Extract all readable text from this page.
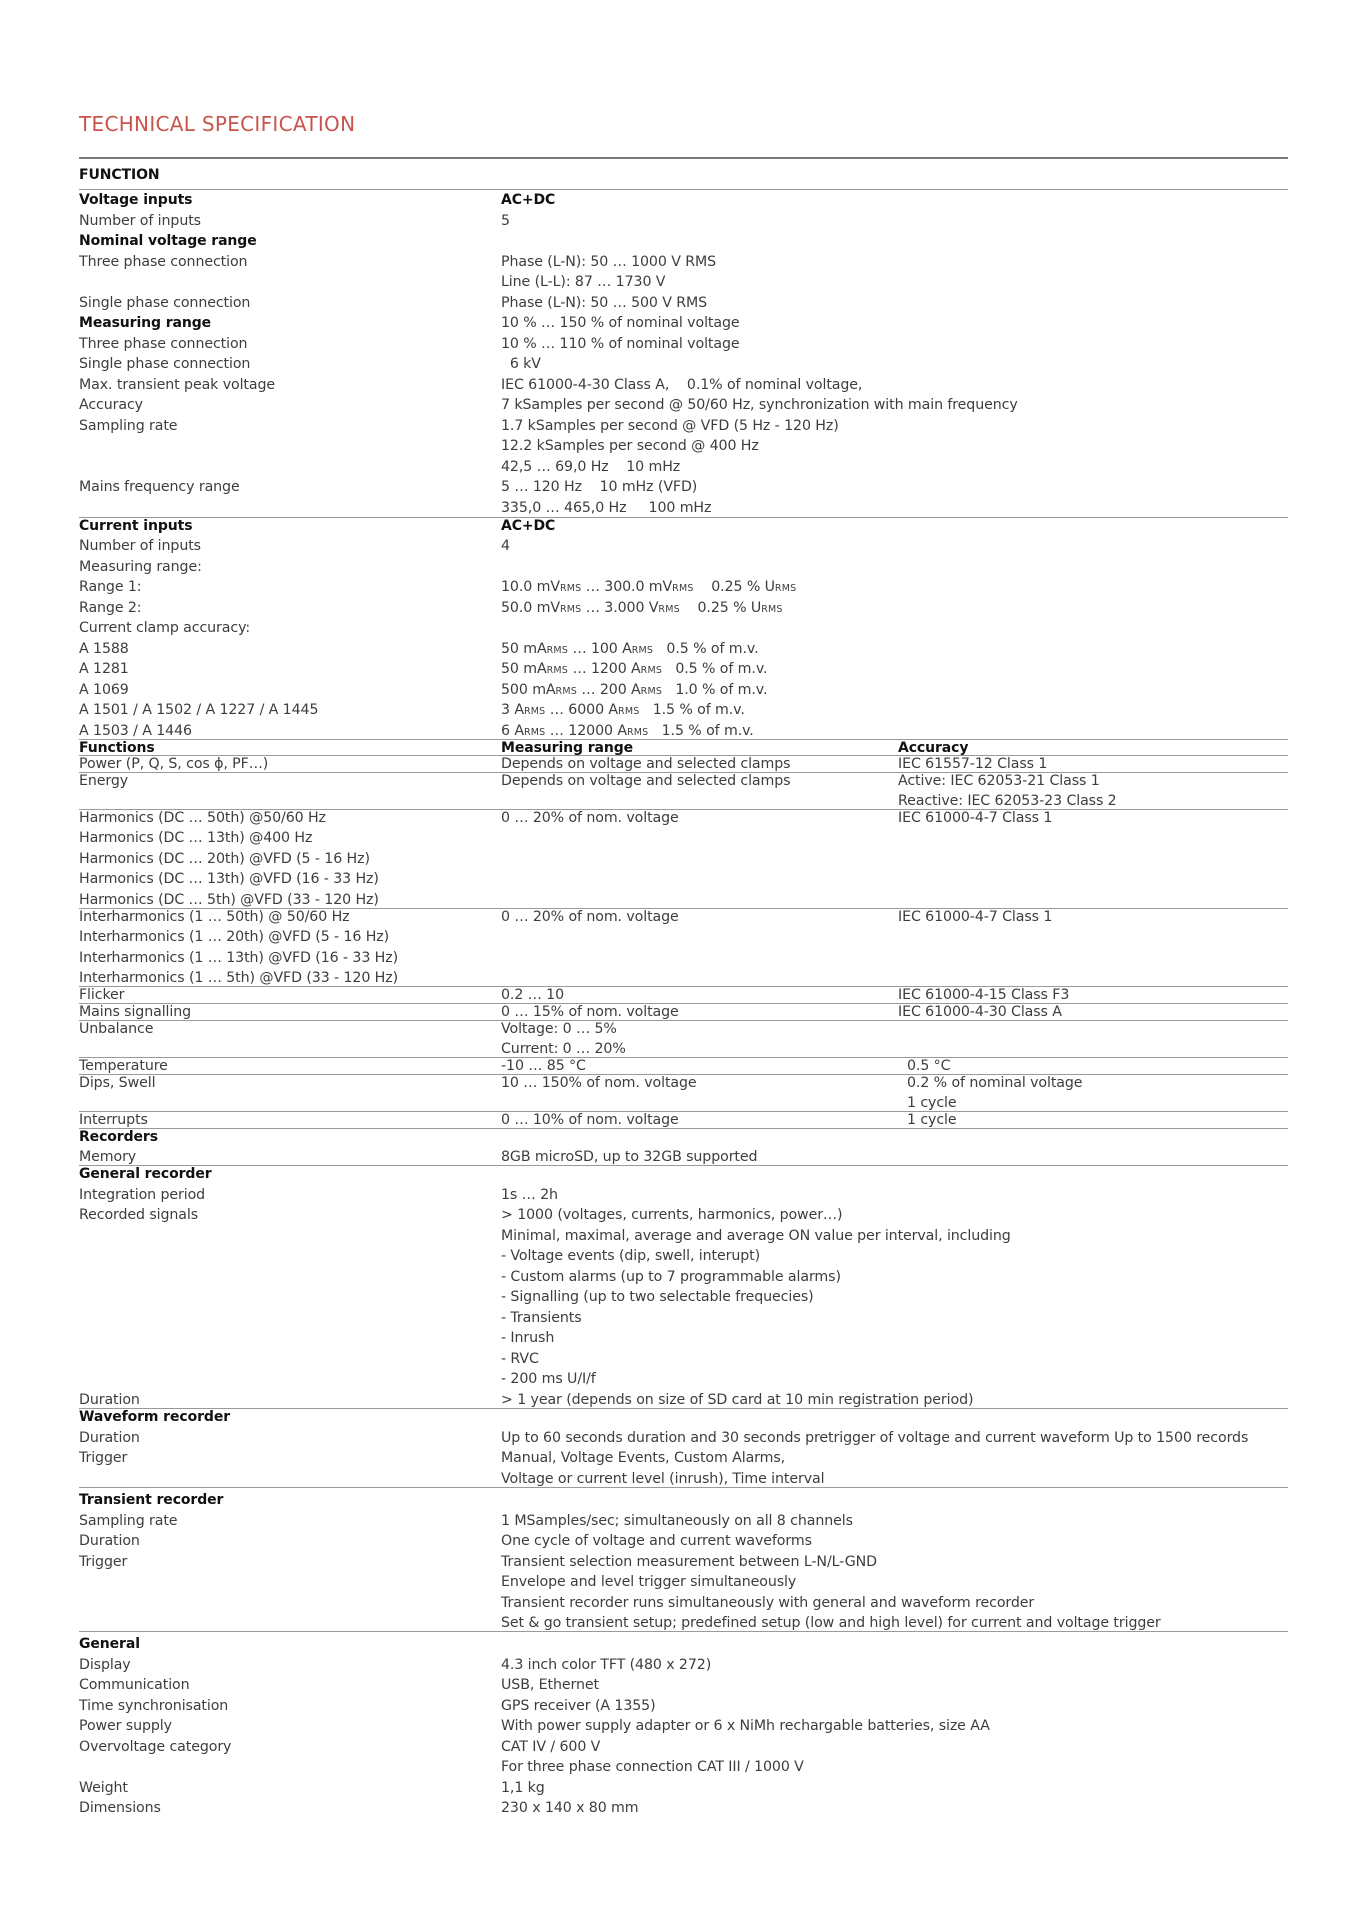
TECHNICAL SPECIFICATION
FUNCTION
Voltage inputs	AC+DC
Number of inputs	5
Nominal voltage range
Three phase connection	Phase (L-N): 50 … 1000 V RMS
Line (L-L): 87 … 1730 V
Single phase connection	Phase (L-N): 50 … 500 V RMS
Measuring range	10 % … 150 % of nominal voltage
Three phase connection	10 % … 110 % of nominal voltage
Single phase connection	6 kV
Max. transient peak voltage	IEC 61000-4-30 Class A,    0.1% of nominal voltage,
Accuracy	7 kSamples per second @ 50/60 Hz, synchronization with main frequency
Sampling rate	1.7 kSamples per second @ VFD (5 Hz - 120 Hz)
12.2 kSamples per second @ 400 Hz
42,5 … 69,0 Hz    10 mHz
Mains frequency range	5 … 120 Hz    10 mHz (VFD)
335,0 … 465,0 Hz     100 mHz
Current inputs	AC+DC
Number of inputs	4
Measuring range:
Range 1:	10.0 mVRMS … 300.0 mVRMS    0.25 % URMS
Range 2:	50.0 mVRMS … 3.000 VRMS    0.25 % URMS
Current clamp accuracy:
A 1588	50 mARMS … 100 ARMS   0.5 % of m.v.
A 1281	50 mARMS … 1200 ARMS   0.5 % of m.v.
A 1069	500 mARMS … 200 ARMS   1.0 % of m.v.
A 1501 / A 1502 / A 1227 / A 1445	3 ARMS … 6000 ARMS   1.5 % of m.v.
A 1503 / A 1446	6 ARMS … 12000 ARMS   1.5 % of m.v.
Functions	Measuring range	Accuracy
Power (P, Q, S, cos ϕ, PF…)	Depends on voltage and selected clamps	IEC 61557-12 Class 1
Energy	Depends on voltage and selected clamps	Active: IEC 62053-21 Class 1
Reactive: IEC 62053-23 Class 2
Harmonics (DC … 50th) @50/60 Hz	0 … 20% of nom. voltage	IEC 61000-4-7 Class 1
Harmonics (DC … 13th) @400 Hz
Harmonics (DC … 20th) @VFD (5 - 16 Hz)
Harmonics (DC … 13th) @VFD (16 - 33 Hz)
Harmonics (DC … 5th) @VFD (33 - 120 Hz)
Interharmonics (1 … 50th) @ 50/60 Hz	0 … 20% of nom. voltage	IEC 61000-4-7 Class 1
Interharmonics (1 … 20th) @VFD (5 - 16 Hz)
Interharmonics (1 … 13th) @VFD (16 - 33 Hz)
Interharmonics (1 … 5th) @VFD (33 - 120 Hz)
Flicker	0.2 … 10	IEC 61000-4-15 Class F3
Mains signalling	0 … 15% of nom. voltage	IEC 61000-4-30 Class A
Unbalance	Voltage: 0 … 5%
Current: 0 … 20%
Temperature	-10 … 85 °C	0.5 °C
Dips, Swell	10 … 150% of nom. voltage	0.2 % of nominal voltage
1 cycle
Interrupts	0 … 10% of nom. voltage	1 cycle
Recorders
Memory	8GB microSD, up to 32GB supported
General recorder
Integration period	1s … 2h
Recorded signals	> 1000 (voltages, currents, harmonics, power…)
Minimal, maximal, average and average ON value per interval, including
- Voltage events (dip, swell, interupt)
- Custom alarms (up to 7 programmable alarms)
- Signalling (up to two selectable frequecies)
- Transients
- Inrush
- RVC
- 200 ms U/I/f
Duration	> 1 year (depends on size of SD card at 10 min registration period)
Waveform recorder
Duration	Up to 60 seconds duration and 30 seconds pretrigger of voltage and current waveform Up to 1500 records
Trigger	Manual, Voltage Events, Custom Alarms,
Voltage or current level (inrush), Time interval
Transient recorder
Sampling rate	1 MSamples/sec; simultaneously on all 8 channels
Duration	One cycle of voltage and current waveforms
Trigger	Transient selection measurement between L-N/L-GND
Envelope and level trigger simultaneously
Transient recorder runs simultaneously with general and waveform recorder
Set & go transient setup; predefined setup (low and high level) for current and voltage trigger
General
Display	4.3 inch color TFT (480 x 272)
Communication	USB, Ethernet
Time synchronisation	GPS receiver (A 1355)
Power supply	With power supply adapter or 6 x NiMh rechargable batteries, size AA
Overvoltage category	CAT IV / 600 V
For three phase connection CAT III / 1000 V
Weight	1,1 kg
Dimensions	230 x 140 x 80 mm
